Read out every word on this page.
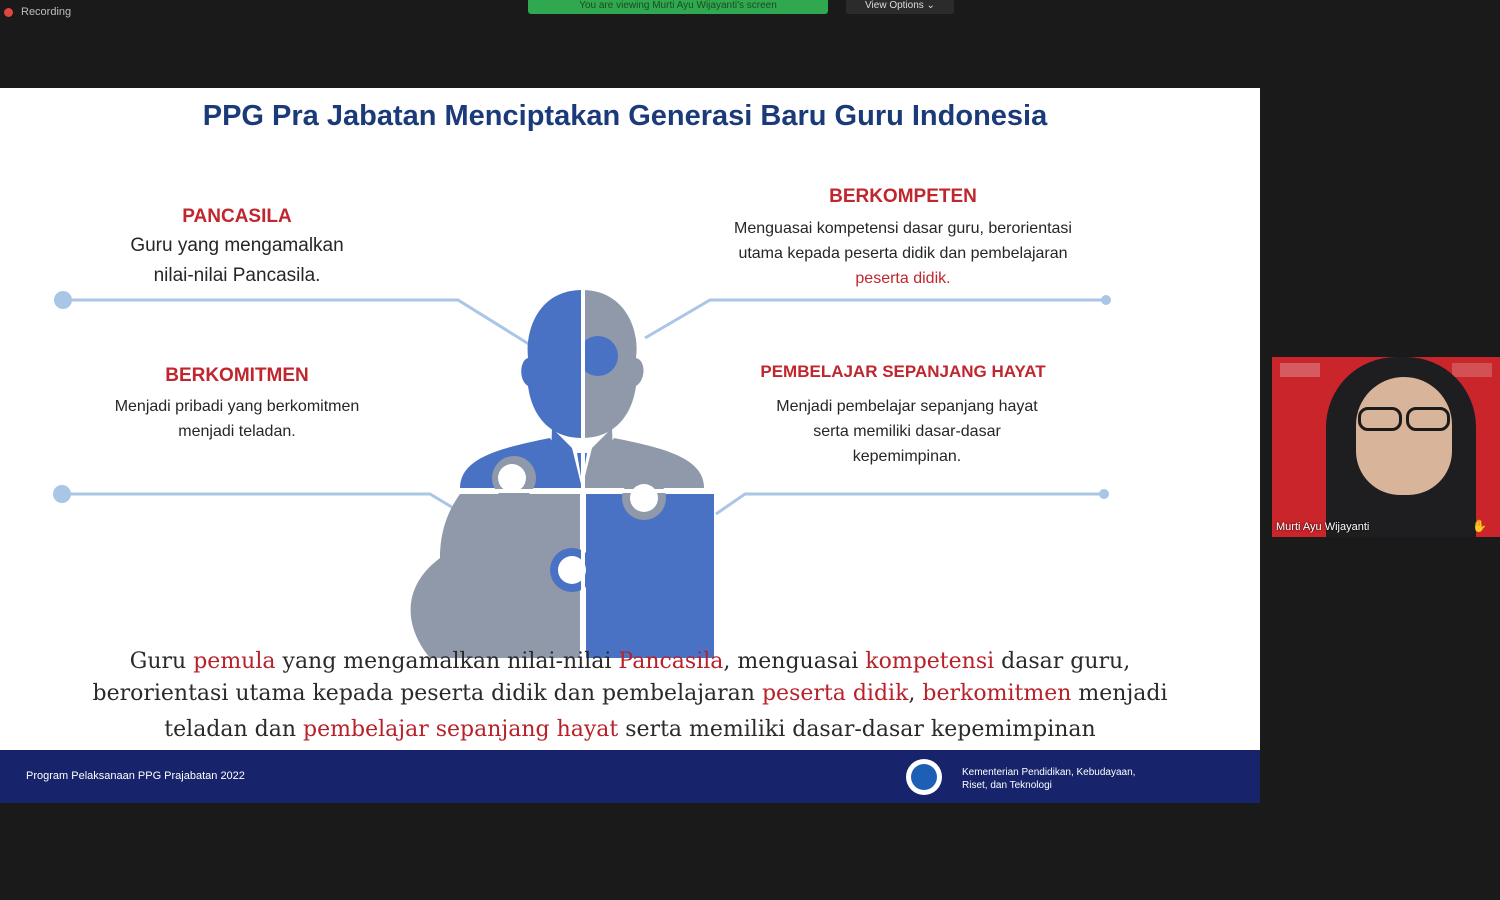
Recording
You are viewing Murti Ayu Wijayanti's screen	View Options ⌄
PPG Pra Jabatan Menciptakan Generasi Baru Guru Indonesia
PANCASILA
Guru yang mengamalkan
nilai-nilai Pancasila.
BERKOMPETEN
Menguasai kompetensi dasar guru, berorientasi
utama kepada peserta didik dan pembelajaran
peserta didik.
BERKOMITMEN
Menjadi pribadi yang berkomitmen
menjadi teladan.
PEMBELAJAR SEPANJANG HAYAT
Menjadi pembelajar sepanjang hayat
serta memiliki dasar-dasar
kepemimpinan.
Guru pemula yang mengamalkan nilai-nilai Pancasila, menguasai kompetensi dasar guru,
berorientasi utama kepada peserta didik dan pembelajaran peserta didik, berkomitmen menjadi
teladan dan pembelajar sepanjang hayat serta memiliki dasar-dasar kepemimpinan
Program Pelaksanaan PPG Prajabatan 2022	Kementerian Pendidikan, Kebudayaan,
Riset, dan Teknologi
Murti Ayu Wijayanti	✋
